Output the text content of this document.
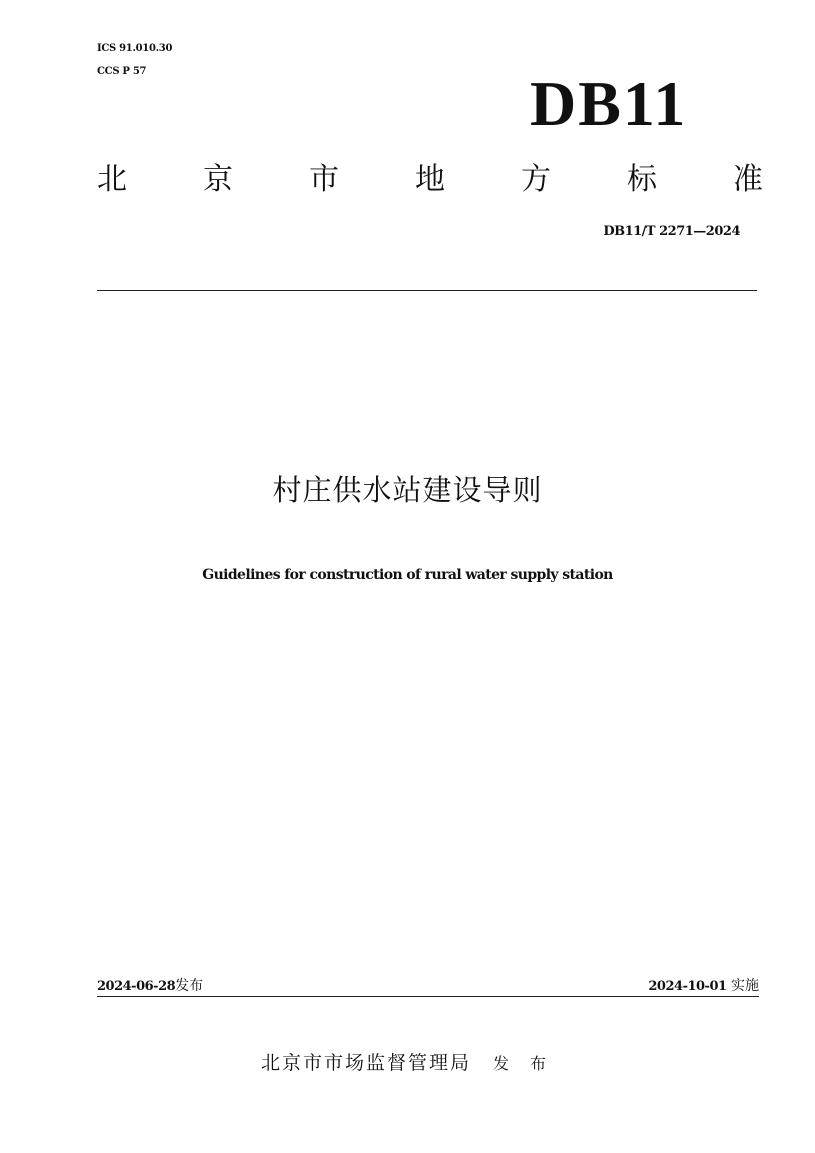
ICS 91.010.30
CCS P 57	DB11
北	京	市	地	方	标	准
DB11/T 2271—2024
村庄供水站建设导则
Guidelines for construction of rural water supply station
2024-06-28发布	2024-10-01 实施
北京市市场监督管理局 发 布
